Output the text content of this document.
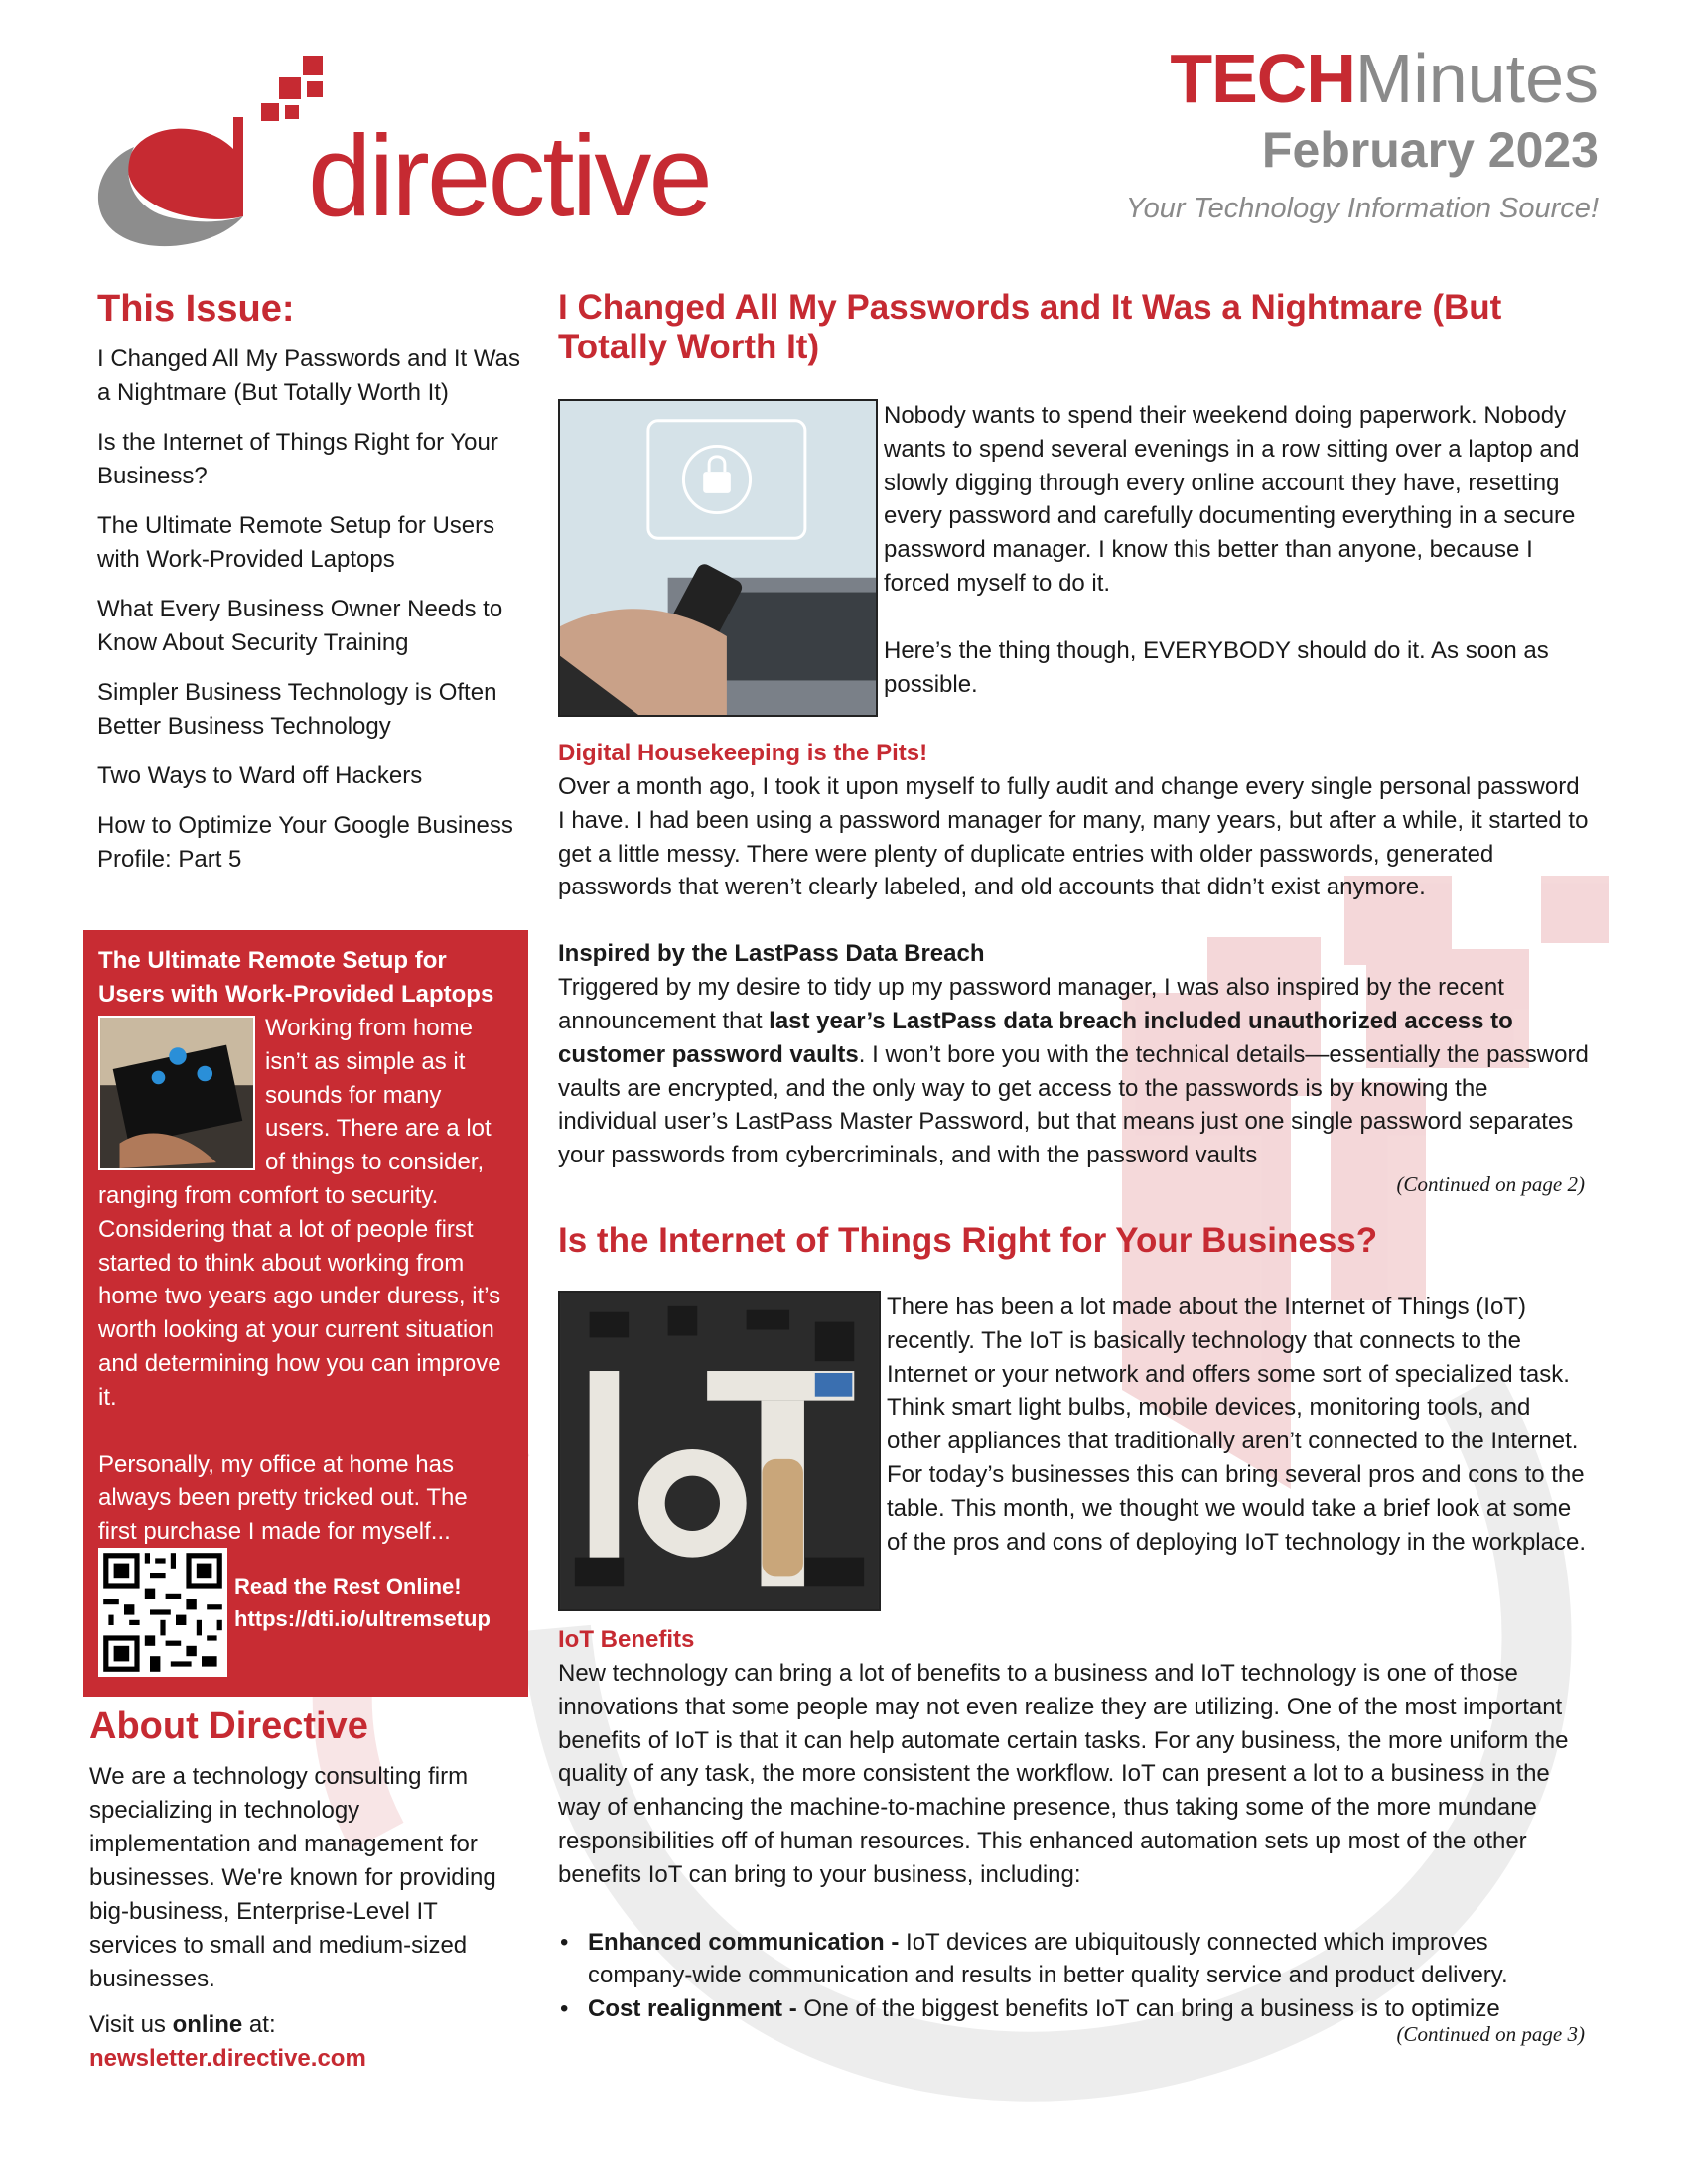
directive
TECHMinutes
February 2023
Your Technology Information Source!
This Issue:
I Changed All My Passwords and It Was a Nightmare (But Totally Worth It)
Is the Internet of Things Right for Your Business?
The Ultimate Remote Setup for Users with Work-Provided Laptops
What Every Business Owner Needs to Know About Security Training
Simpler Business Technology is Often Better Business Technology
Two Ways to Ward off Hackers
How to Optimize Your Google Business Profile: Part 5
The Ultimate Remote Setup for Users with Work-Provided Laptops
Working from home isn’t as simple as it sounds for many users. There are a lot of things to consider, ranging from comfort to security. Considering that a lot of people first started to think about working from home two years ago under duress, it’s worth looking at your current situation and determining how you can improve it.
Personally, my office at home has always been pretty tricked out. The first purchase I made for myself...
Read the Rest Online!
https://dti.io/ultremsetup
About Directive

We are a technology consulting firm specializing in technology implementation and management for businesses. We're known for providing big-business, Enterprise-Level IT services to small and medium-sized businesses.

Visit us online at:
newsletter.directive.com

I Changed All My Passwords and It Was a Nightmare (But Totally Worth It)
Nobody wants to spend their weekend doing paperwork. Nobody wants to spend several evenings in a row sitting over a laptop and slowly digging through every online account they have, resetting every password and carefully documenting everything in a secure password manager. I know this better than anyone, because I forced myself to do it.
Here’s the thing though, EVERYBODY should do it. As soon as possible.
Digital Housekeeping is the Pits!
Over a month ago, I took it upon myself to fully audit and change every single personal password I have. I had been using a password manager for many, many years, but after a while, it started to get a little messy. There were plenty of duplicate entries with older passwords, generated passwords that weren’t clearly labeled, and old accounts that didn’t exist anymore.
Inspired by the LastPass Data Breach
Triggered by my desire to tidy up my password manager, I was also inspired by the recent announcement that last year’s LastPass data breach included unauthorized access to customer password vaults. I won’t bore you with the technical details—essentially the password vaults are encrypted, and the only way to get access to the passwords is by knowing the individual user’s LastPass Master Password, but that means just one single password separates your passwords from cybercriminals, and with the password vaults
(Continued on page 2)
Is the Internet of Things Right for Your Business?
There has been a lot made about the Internet of Things (IoT) recently. The IoT is basically technology that connects to the Internet or your network and offers some sort of specialized task. Think smart light bulbs, mobile devices, monitoring tools, and other appliances that traditionally aren’t connected to the Internet. For today’s businesses this can bring several pros and cons to the table. This month, we thought we would take a brief look at some of the pros and cons of deploying IoT technology in the workplace.
IoT Benefits
New technology can bring a lot of benefits to a business and IoT technology is one of those innovations that some people may not even realize they are utilizing. One of the most important benefits of IoT is that it can help automate certain tasks. For any business, the more uniform the quality of any task, the more consistent the workflow. IoT can present a lot to a business in the way of enhancing the machine-to-machine presence, thus taking some of the more mundane responsibilities off of human resources. This enhanced automation sets up most of the other benefits IoT can bring to your business, including:
• Enhanced communication - IoT devices are ubiquitously connected which improves company-wide communication and results in better quality service and product delivery.
• Cost realignment - One of the biggest benefits IoT can bring a business is to optimize
(Continued on page 3)
